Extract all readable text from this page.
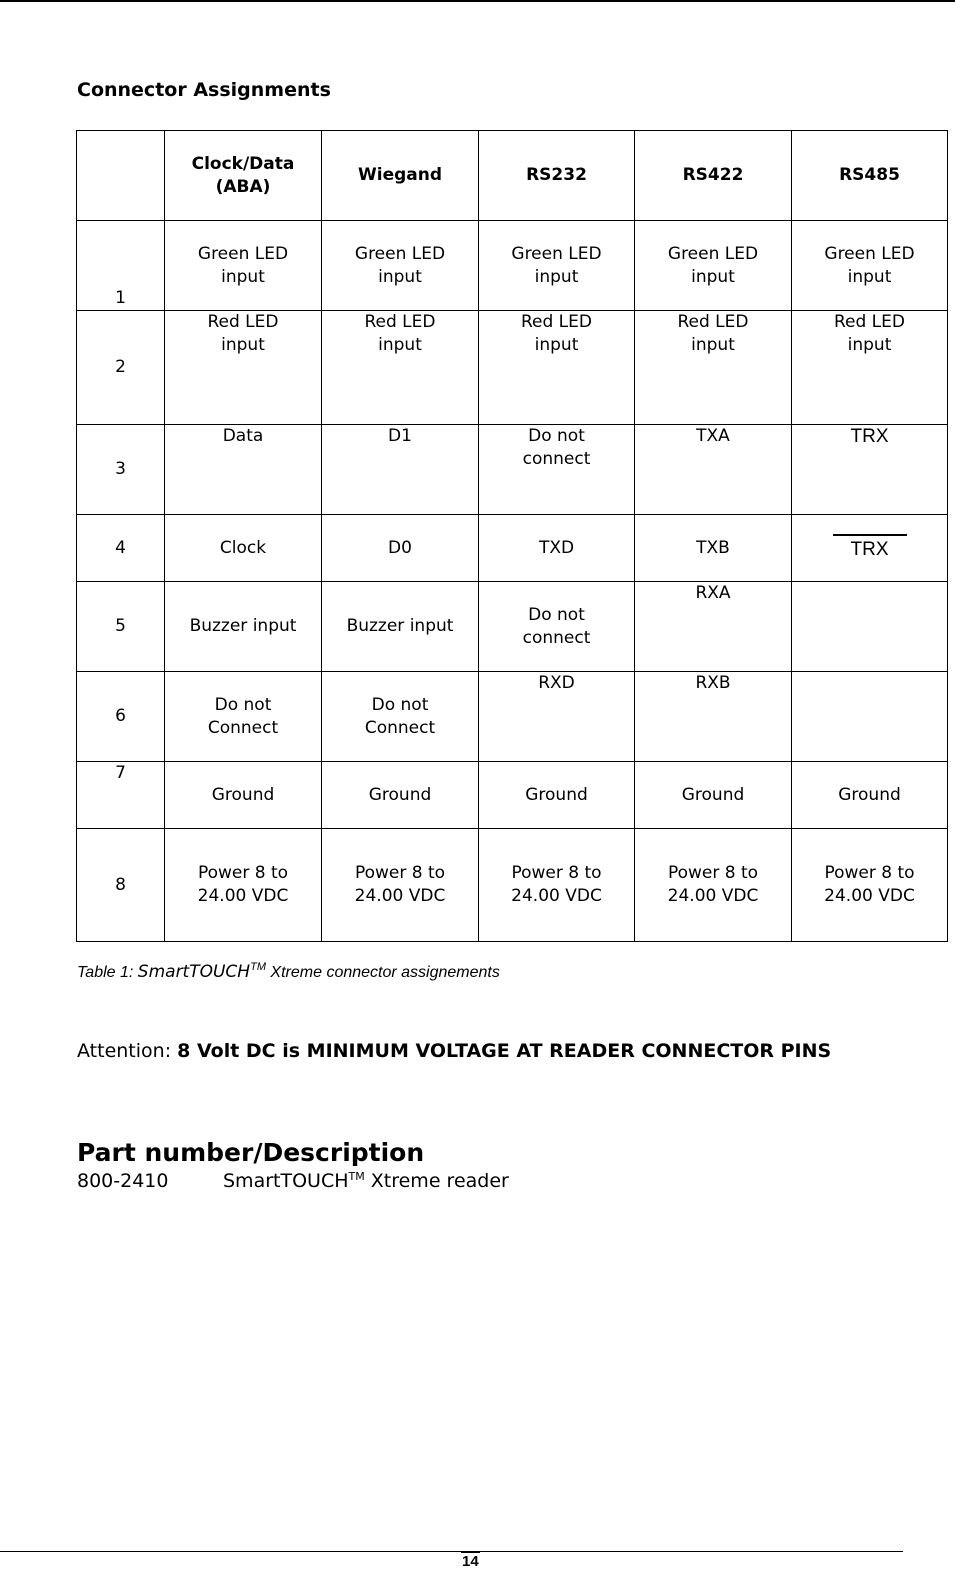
Connector Assignments
	Clock/Data (ABA)	Wiegand	RS232	RS422	RS485
1	Green LED input	Green LED input	Green LED input	Green LED input	Green LED input
2	Red LED input	Red LED input	Red LED input	Red LED input	Red LED input
3	Data	D1	Do not connect	TXA	TRX
4	Clock	D0	TXD	TXB	TRX
5	Buzzer input	Buzzer input	Do not connect	RXA	
6	Do not Connect	Do not Connect	RXD	RXB	
7	Ground	Ground	Ground	Ground	Ground
8	Power 8 to 24.00 VDC	Power 8 to 24.00 VDC	Power 8 to 24.00 VDC	Power 8 to 24.00 VDC	Power 8 to 24.00 VDC
Table 1: SmartTOUCH™ Xtreme connector assignements
Attention: 8 Volt DC is MINIMUM VOLTAGE AT READER CONNECTOR PINS
Part number/Description
800-2410	SmartTOUCH™ Xtreme reader
14
